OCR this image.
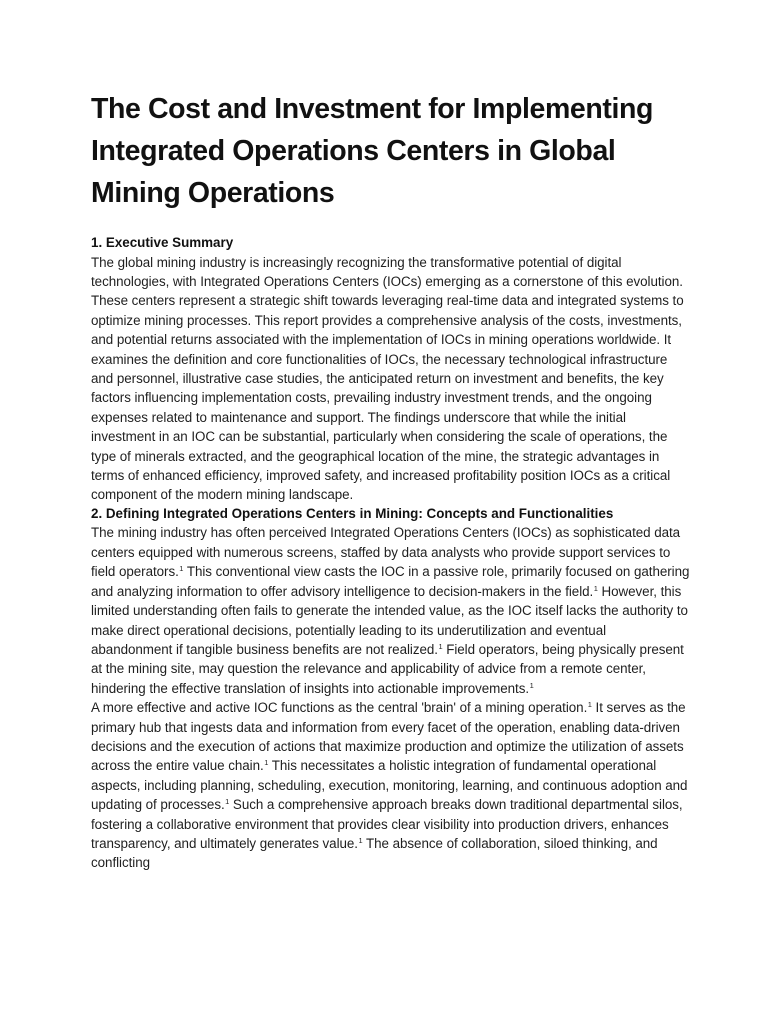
The Cost and Investment for Implementing Integrated Operations Centers in Global Mining Operations
1. Executive Summary

The global mining industry is increasingly recognizing the transformative potential of digital technologies, with Integrated Operations Centers (IOCs) emerging as a cornerstone of this evolution. These centers represent a strategic shift towards leveraging real-time data and integrated systems to optimize mining processes. This report provides a comprehensive analysis of the costs, investments, and potential returns associated with the implementation of IOCs in mining operations worldwide. It examines the definition and core functionalities of IOCs, the necessary technological infrastructure and personnel, illustrative case studies, the anticipated return on investment and benefits, the key factors influencing implementation costs, prevailing industry investment trends, and the ongoing expenses related to maintenance and support. The findings underscore that while the initial investment in an IOC can be substantial, particularly when considering the scale of operations, the type of minerals extracted, and the geographical location of the mine, the strategic advantages in terms of enhanced efficiency, improved safety, and increased profitability position IOCs as a critical component of the modern mining landscape.

2. Defining Integrated Operations Centers in Mining: Concepts and Functionalities

The mining industry has often perceived Integrated Operations Centers (IOCs) as sophisticated data centers equipped with numerous screens, staffed by data analysts who provide support services to field operators.$^1$ This conventional view casts the IOC in a passive role, primarily focused on gathering and analyzing information to offer advisory intelligence to decision-makers in the field.$^1$ However, this limited understanding often fails to generate the intended value, as the IOC itself lacks the authority to make direct operational decisions, potentially leading to its underutilization and eventual abandonment if tangible business benefits are not realized.$^1$ Field operators, being physically present at the mining site, may question the relevance and applicability of advice from a remote center, hindering the effective translation of insights into actionable improvements.$^1$

A more effective and active IOC functions as the central 'brain' of a mining operation.$^1$ It serves as the primary hub that ingests data and information from every facet of the operation, enabling data-driven decisions and the execution of actions that maximize production and optimize the utilization of assets across the entire value chain.$^1$ This necessitates a holistic integration of fundamental operational aspects, including planning, scheduling, execution, monitoring, learning, and continuous adoption and updating of processes.$^1$ Such a comprehensive approach breaks down traditional departmental silos, fostering a collaborative environment that provides clear visibility into production drivers, enhances transparency, and ultimately generates value.$^1$ The absence of collaboration, siloed thinking, and conflicting
